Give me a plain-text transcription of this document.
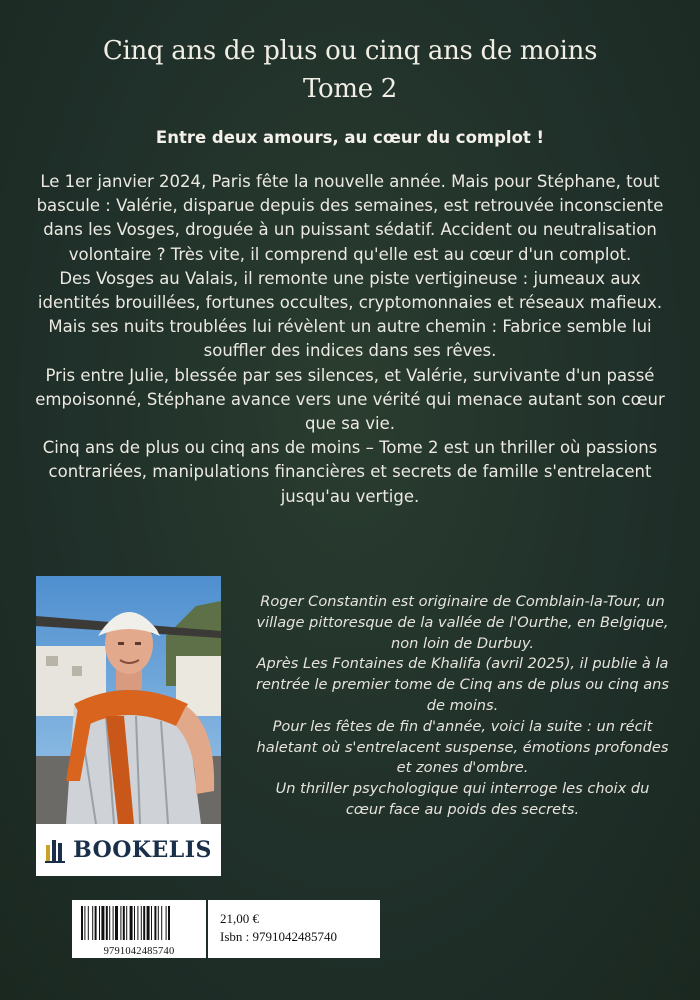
Cinq ans de plus ou cinq ans de moins
Tome 2
Entre deux amours, au cœur du complot !

Le 1er janvier 2024, Paris fête la nouvelle année. Mais pour Stéphane, tout bascule : Valérie, disparue depuis des semaines, est retrouvée inconsciente dans les Vosges, droguée à un puissant sédatif. Accident ou neutralisation volontaire ? Très vite, il comprend qu'elle est au cœur d'un complot.

Des Vosges au Valais, il remonte une piste vertigineuse : jumeaux aux identités brouillées, fortunes occultes, cryptomonnaies et réseaux mafieux. Mais ses nuits troublées lui révèlent un autre chemin : Fabrice semble lui souffler des indices dans ses rêves.

Pris entre Julie, blessée par ses silences, et Valérie, survivante d'un passé empoisonné, Stéphane avance vers une vérité qui menace autant son cœur que sa vie.

Cinq ans de plus ou cinq ans de moins – Tome 2 est un thriller où passions contrariées, manipulations financières et secrets de famille s'entrelacent jusqu'au vertige.

BOOKELIS

Roger Constantin est originaire de Comblain-la-Tour, un village pittoresque de la vallée de l'Ourthe, en Belgique, non loin de Durbuy.

Après Les Fontaines de Khalifa (avril 2025), il publie à la rentrée le premier tome de Cinq ans de plus ou cinq ans de moins.

Pour les fêtes de fin d'année, voici la suite : un récit haletant où s'entrelacent suspense, émotions profondes et zones d'ombre.

Un thriller psychologique qui interroge les choix du cœur face au poids des secrets.

9791042485740
21,00 €
Isbn : 9791042485740
